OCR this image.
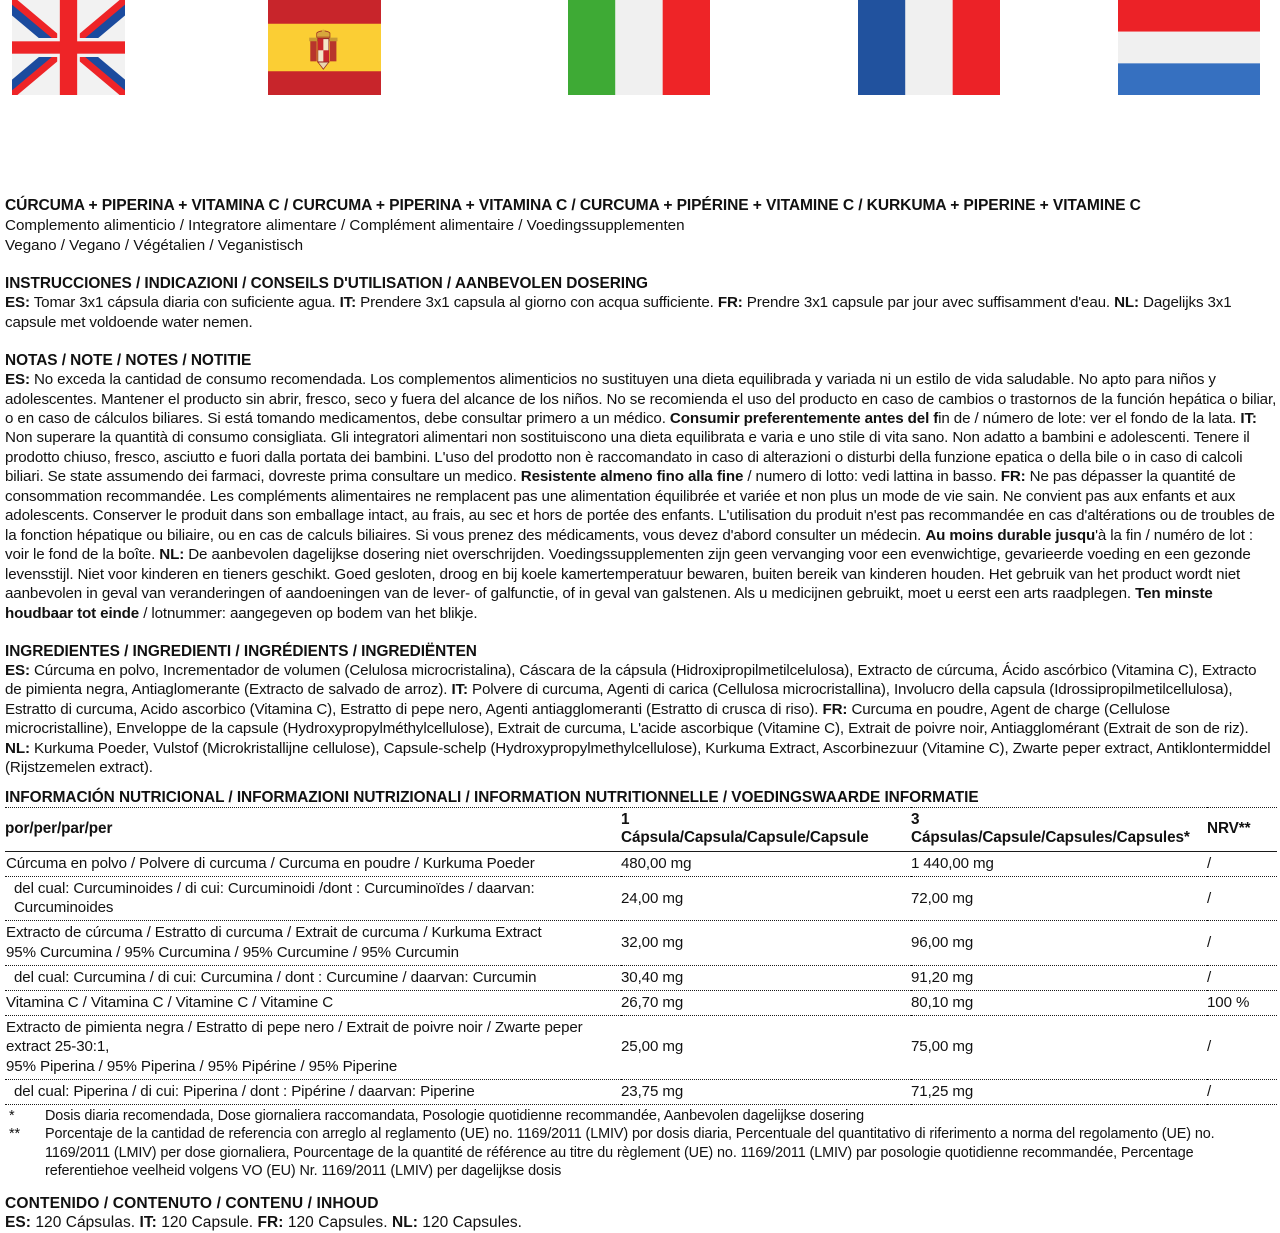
CÚRCUMA + PIPERINA + VITAMINA C / CURCUMA + PIPERINA + VITAMINA C / CURCUMA + PIPÉRINE + VITAMINE C / KURKUMA + PIPERINE + VITAMINE C
Complemento alimenticio / Integratore alimentare / Complément alimentaire / Voedingssupplementen
Vegano / Vegano / Végétalien / Veganistisch
INSTRUCCIONES / INDICAZIONI / CONSEILS D'UTILISATION / AANBEVOLEN DOSERING
ES: Tomar 3x1 cápsula diaria con suficiente agua. IT: Prendere 3x1 capsula al giorno con acqua sufficiente. FR: Prendre 3x1 capsule par jour avec suffisamment d'eau. NL: Dagelijks 3x1 capsule met voldoende water nemen.
NOTAS / NOTE / NOTES / NOTITIE
ES: No exceda la cantidad de consumo recomendada. Los complementos alimenticios no sustituyen una dieta equilibrada y variada ni un estilo de vida saludable. No apto para niños y adolescentes. Mantener el producto sin abrir, fresco, seco y fuera del alcance de los niños. No se recomienda el uso del producto en caso de cambios o trastornos de la función hepática o biliar, o en caso de cálculos biliares. Si está tomando medicamentos, debe consultar primero a un médico. Consumir preferentemente antes del fin de / número de lote: ver el fondo de la lata. IT: Non superare la quantità di consumo consigliata. Gli integratori alimentari non sostituiscono una dieta equilibrata e varia e uno stile di vita sano. Non adatto a bambini e adolescenti. Tenere il prodotto chiuso, fresco, asciutto e fuori dalla portata dei bambini. L'uso del prodotto non è raccomandato in caso di alterazioni o disturbi della funzione epatica o della bile o in caso di calcoli biliari. Se state assumendo dei farmaci, dovreste prima consultare un medico. Resistente almeno fino alla fine / numero di lotto: vedi lattina in basso. FR: Ne pas dépasser la quantité de consommation recommandée. Les compléments alimentaires ne remplacent pas une alimentation équilibrée et variée et non plus un mode de vie sain. Ne convient pas aux enfants et aux adolescents. Conserver le produit dans son emballage intact, au frais, au sec et hors de portée des enfants. L'utilisation du produit n'est pas recommandée en cas d'altérations ou de troubles de la fonction hépatique ou biliaire, ou en cas de calculs biliaires. Si vous prenez des médicaments, vous devez d'abord consulter un médecin. Au moins durable jusqu'à la fin / numéro de lot : voir le fond de la boîte. NL: De aanbevolen dagelijkse dosering niet overschrijden. Voedingssupplementen zijn geen vervanging voor een evenwichtige, gevarieerde voeding en een gezonde levensstijl. Niet voor kinderen en tieners geschikt. Goed gesloten, droog en bij koele kamertemperatuur bewaren, buiten bereik van kinderen houden. Het gebruik van het product wordt niet aanbevolen in geval van veranderingen of aandoeningen van de lever- of galfunctie, of in geval van galstenen. Als u medicijnen gebruikt, moet u eerst een arts raadplegen. Ten minste houdbaar tot einde / lotnummer: aangegeven op bodem van het blikje.
INGREDIENTES / INGREDIENTI / INGRÉDIENTS / INGREDIËNTEN
ES: Cúrcuma en polvo, Incrementador de volumen (Celulosa microcristalina), Cáscara de la cápsula (Hidroxipropilmetilcelulosa), Extracto de cúrcuma, Ácido ascórbico (Vitamina C), Extracto de pimienta negra, Antiaglomerante (Extracto de salvado de arroz). IT: Polvere di curcuma, Agenti di carica (Cellulosa microcristallina), Involucro della capsula (Idrossipropilmetilcellulosa), Estratto di curcuma, Acido ascorbico (Vitamina C), Estratto di pepe nero, Agenti antiagglomeranti (Estratto di crusca di riso). FR: Curcuma en poudre, Agent de charge (Cellulose microcristalline), Enveloppe de la capsule (Hydroxypropylméthylcellulose), Extrait de curcuma, L'acide ascorbique (Vitamine C), Extrait de poivre noir, Antiagglomérant (Extrait de son de riz). NL: Kurkuma Poeder, Vulstof (Microkristallijne cellulose), Capsule-schelp (Hydroxypropylmethylcellulose), Kurkuma Extract, Ascorbinezuur (Vitamine C), Zwarte peper extract, Antiklontermiddel (Rijstzemelen extract).
INFORMACIÓN NUTRICIONAL / INFORMAZIONI NUTRIZIONALI / INFORMATION NUTRITIONNELLE / VOEDINGSWAARDE INFORMATIE
por/per/par/per	1 Cápsula/Capsula/Capsule/Capsule	3 Cápsulas/Capsule/Capsules/Capsules*	NRV**

Cúrcuma en polvo / Polvere di curcuma / Curcuma en poudre / Kurkuma Poeder	480,00 mg	1 440,00 mg	/

del cual: Curcuminoides / di cui: Curcuminoidi /dont : Curcuminoïdes / daarvan: Curcuminoides	24,00 mg	72,00 mg	/

Extracto de cúrcuma / Estratto di curcuma / Extrait de curcuma / Kurkuma Extract
95% Curcumina / 95% Curcumina / 95% Curcumine / 95% Curcumin	32,00 mg	96,00 mg	/

del cual: Curcumina / di cui: Curcumina / dont : Curcumine / daarvan: Curcumin	30,40 mg	91,20 mg	/

Vitamina C / Vitamina C / Vitamine C / Vitamine C	26,70 mg	80,10 mg	100 %

Extracto de pimienta negra / Estratto di pepe nero / Extrait de poivre noir / Zwarte peper extract 25-30:1,
95% Piperina / 95% Piperina / 95% Pipérine / 95% Piperine	25,00 mg	75,00 mg	/

del cual: Piperina / di cui: Piperina / dont : Pipérine / daarvan: Piperine	23,75 mg	71,25 mg	/
*	Dosis diaria recomendada, Dose giornaliera raccomandata, Posologie quotidienne recommandée, Aanbevolen dagelijkse dosering
**	Porcentaje de la cantidad de referencia con arreglo al reglamento (UE) no. 1169/2011 (LMIV) por dosis diaria, Percentuale del quantitativo di riferimento a norma del regolamento (UE) no. 1169/2011 (LMIV) per dose giornaliera, Pourcentage de la quantité de référence au titre du règlement (UE) no. 1169/2011 (LMIV) par posologie quotidienne recommandée, Percentage referentiehoe veelheid volgens VO (EU) Nr. 1169/2011 (LMIV) per dagelijkse dosis
CONTENIDO / CONTENUTO / CONTENU / INHOUD
ES: 120 Cápsulas. IT: 120 Capsule. FR: 120 Capsules. NL: 120 Capsules.
